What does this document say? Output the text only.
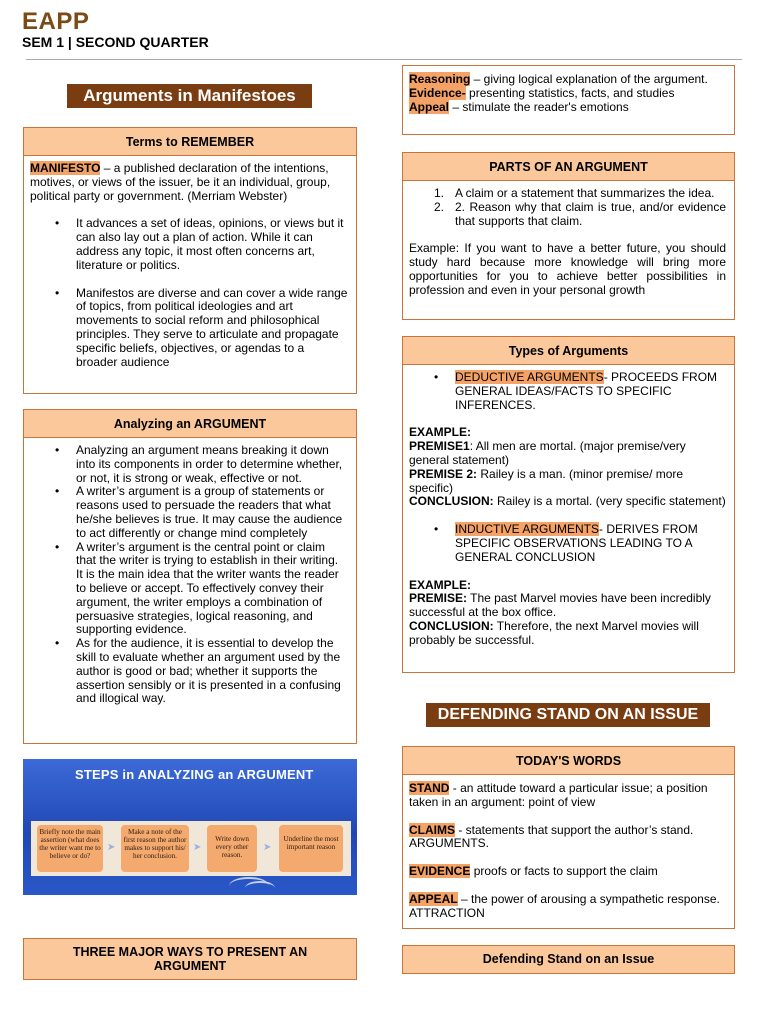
EAPP
SEM 1 | SECOND QUARTER
Arguments in Manifestoes
Terms to REMEMBER

MANIFESTO – a published declaration of the intentions, motives, or views of the issuer, be it an individual, group, political party or government. (Merriam Webster)

• It advances a set of ideas, opinions, or views but it can also lay out a plan of action. While it can address any topic, it most often concerns art, literature or politics.
• Manifestos are diverse and can cover a wide range of topics, from political ideologies and art movements to social reform and philosophical principles. They serve to articulate and propagate specific beliefs, objectives, or agendas to a broader audience
Analyzing an ARGUMENT
• Analyzing an argument means breaking it down into its components in order to determine whether, or not, it is strong or weak, effective or not.
• A writer’s argument is a group of statements or reasons used to persuade the readers that what he/she believes is true. It may cause the audience to act differently or change mind completely
• A writer’s argument is the central point or claim that the writer is trying to establish in their writing. It is the main idea that the writer wants the reader to believe or accept. To effectively convey their argument, the writer employs a combination of persuasive strategies, logical reasoning, and supporting evidence.
• As for the audience, it is essential to develop the skill to evaluate whether an argument used by the author is good or bad; whether it supports the assertion sensibly or it is presented in a confusing and illogical way.
STEPS in ANALYZING an ARGUMENT
Briefly note the main assertion (what does the writer want me to believe or do?
➤
Make a note of the first reason the author makes to support his/ her conclusion.
➤
Write down every other reason.
➤
Underline the most important reason
THREE MAJOR WAYS TO PRESENT AN ARGUMENT

Reasoning – giving logical explanation of the argument.

Evidence- presenting statistics, facts, and studies

Appeal – stimulate the reader's emotions

PARTS OF AN ARGUMENT
1. A claim or a statement that summarizes the idea.
2. 2. Reason why that claim is true, and/or evidence that supports that claim.

Example: If you want to have a better future, you should study hard because more knowledge will bring more opportunities for you to achieve better possibilities in profession and even in your personal growth

Types of Arguments
• DEDUCTIVE ARGUMENTS- PROCEEDS FROM GENERAL IDEAS/FACTS TO SPECIFIC INFERENCES.

EXAMPLE:

PREMISE1: All men are mortal. (major premise/very general statement)

PREMISE 2: Railey is a man. (minor premise/ more specific)

CONCLUSION: Railey is a mortal. (very specific statement)

• INDUCTIVE ARGUMENTS- DERIVES FROM SPECIFIC OBSERVATIONS LEADING TO A GENERAL CONCLUSION

EXAMPLE:

PREMISE: The past Marvel movies have been incredibly successful at the box office.

CONCLUSION: Therefore, the next Marvel movies will probably be successful.

DEFENDING STAND ON AN ISSUE
TODAY'S WORDS

STAND - an attitude toward a particular issue; a position taken in an argument: point of view

CLAIMS - statements that support the author’s stand. ARGUMENTS.

EVIDENCE proofs or facts to support the claim

APPEAL – the power of arousing a sympathetic response. ATTRACTION

Defending Stand on an Issue
